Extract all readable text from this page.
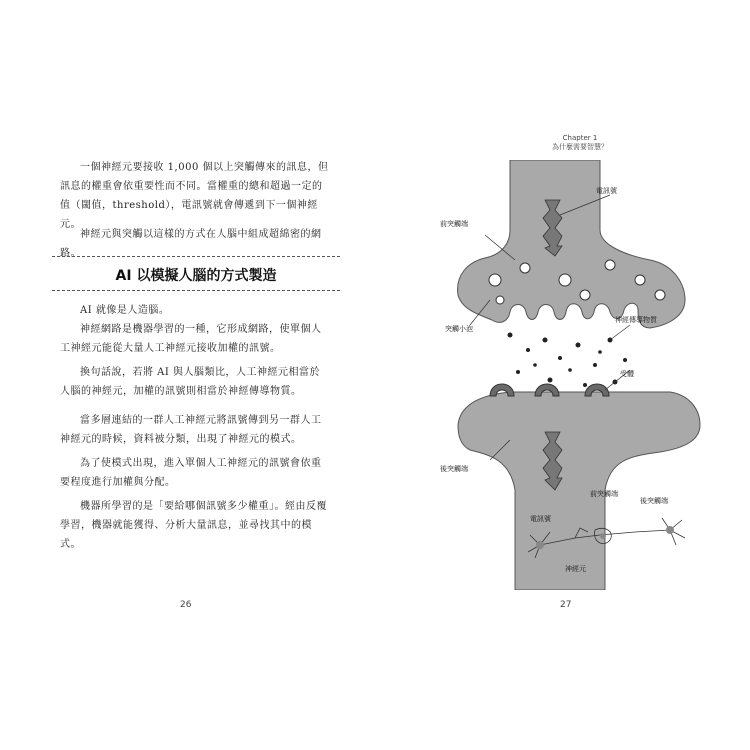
一個神經元要接收 1,000 個以上突觸傳來的訊息，但訊息的權重會依重要性而不同。當權重的總和超過一定的值（閾值，threshold），電訊號就會傳遞到下一個神經元。

神經元與突觸以這樣的方式在人腦中組成超綿密的網路。

AI 以模擬人腦的方式製造

AI 就像是人造腦。

神經網路是機器學習的一種，它形成網路，使單個人工神經元能從大量人工神經元接收加權的訊號。

換句話說，若將 AI 與人腦類比，人工神經元相當於人腦的神經元，加權的訊號則相當於神經傳導物質。

當多層連結的一群人工神經元將訊號傳到另一群人工神經元的時候，資料被分類，出現了神經元的模式。

為了使模式出現，進入單個人工神經元的訊號會依重要程度進行加權與分配。

機器所學習的是「要給哪個訊號多少權重」。經由反覆學習，機器就能獲得、分析大量訊息，並尋找其中的模式。

26
Chapter 1
為什麼需要智慧？
電訊號
前突觸端
突觸小泡
神經傳導物質
受體
後突觸端
前突觸端
後突觸端
電訊號
神經元
27
